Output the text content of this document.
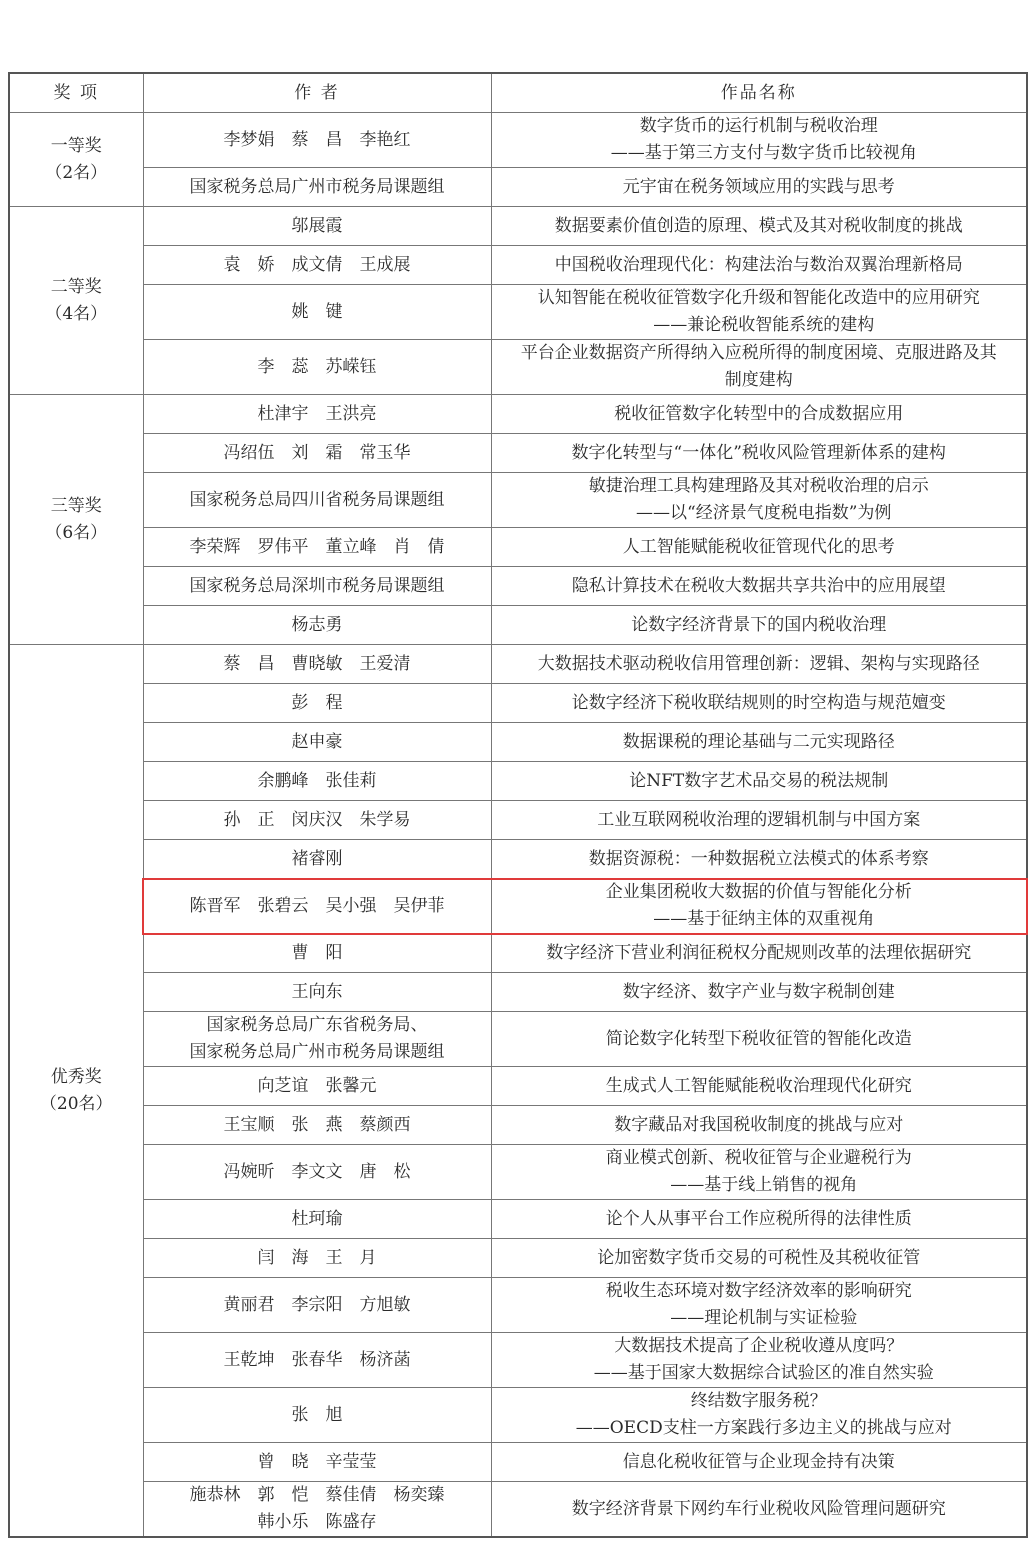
奖 项	作 者	作品名称

一等奖
（2名）	李梦娟　蔡　昌　李艳红	数字货币的运行机制与税收治理
——基于第三方支付与数字货币比较视角

	国家税务总局广州市税务局课题组	元宇宙在税务领域应用的实践与思考

二等奖
（4名）	邬展霞	数据要素价值创造的原理、模式及其对税收制度的挑战

	袁　娇　成文倩　王成展	中国税收治理现代化：构建法治与数治双翼治理新格局

	姚　键	认知智能在税收征管数字化升级和智能化改造中的应用研究
——兼论税收智能系统的建构

	李　蕊　苏嵘钰	平台企业数据资产所得纳入应税所得的制度困境、克服进路及其
制度建构

三等奖
（6名）	杜津宇　王洪亮	税收征管数字化转型中的合成数据应用

	冯绍伍　刘　霜　常玉华	数字化转型与“一体化”税收风险管理新体系的建构

	国家税务总局四川省税务局课题组	敏捷治理工具构建理路及其对税收治理的启示
——以“经济景气度税电指数”为例

	李荣辉　罗伟平　董立峰　肖　倩	人工智能赋能税收征管现代化的思考

	国家税务总局深圳市税务局课题组	隐私计算技术在税收大数据共享共治中的应用展望

	杨志勇	论数字经济背景下的国内税收治理

优秀奖
（20名）	蔡　昌　曹晓敏　王爱清	大数据技术驱动税收信用管理创新：逻辑、架构与实现路径

	彭　程	论数字经济下税收联结规则的时空构造与规范嬗变

	赵申豪	数据课税的理论基础与二元实现路径

	余鹏峰　张佳莉	论NFT数字艺术品交易的税法规制

	孙　正　闵庆汉　朱学易	工业互联网税收治理的逻辑机制与中国方案

	褚睿刚	数据资源税：一种数据税立法模式的体系考察

	陈晋军　张碧云　吴小强　吴伊菲	企业集团税收大数据的价值与智能化分析
——基于征纳主体的双重视角

	曹　阳	数字经济下营业利润征税权分配规则改革的法理依据研究

	王向东	数字经济、数字产业与数字税制创建

	国家税务总局广东省税务局、
国家税务总局广州市税务局课题组	简论数字化转型下税收征管的智能化改造

	向芝谊　张馨元	生成式人工智能赋能税收治理现代化研究

	王宝顺　张　燕　蔡颜西	数字藏品对我国税收制度的挑战与应对

	冯婉昕　李文文　唐　松	商业模式创新、税收征管与企业避税行为
——基于线上销售的视角

	杜珂瑜	论个人从事平台工作应税所得的法律性质

	闫　海　王　月	论加密数字货币交易的可税性及其税收征管

	黄丽君　李宗阳　方旭敏	税收生态环境对数字经济效率的影响研究
——理论机制与实证检验

	王乾坤　张春华　杨济菡	大数据技术提高了企业税收遵从度吗？
——基于国家大数据综合试验区的准自然实验

	张　旭	终结数字服务税？
——OECD支柱一方案践行多边主义的挑战与应对

	曾　晓　辛莹莹	信息化税收征管与企业现金持有决策

	施恭林　郭　恺　蔡佳倩　杨奕臻
韩小乐　陈盛存	数字经济背景下网约车行业税收风险管理问题研究
